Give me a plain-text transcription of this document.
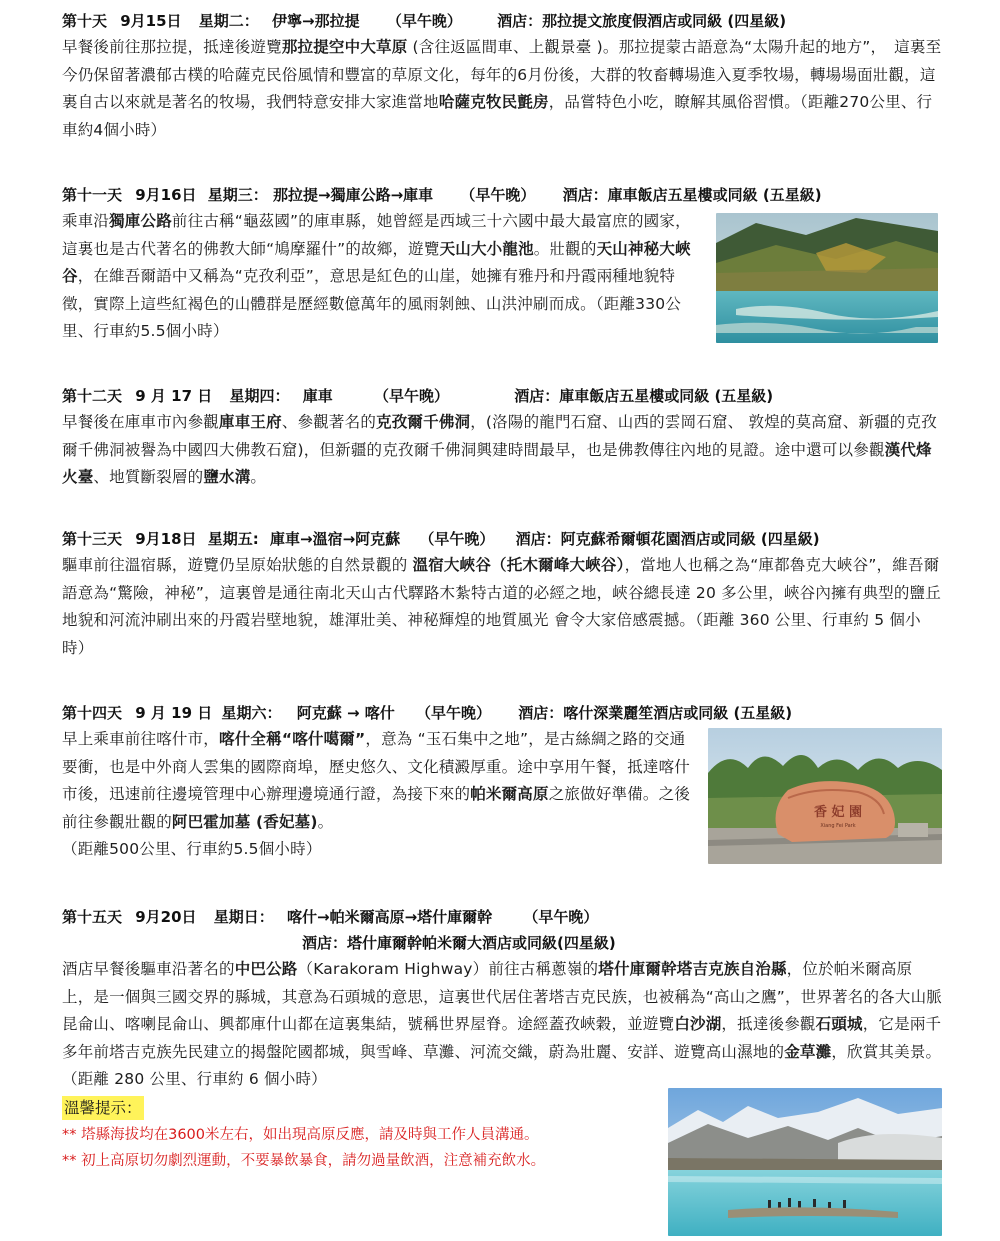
第十天 9月15日 星期二： 伊寧→那拉提 （早午晚） 酒店：那拉提文旅度假酒店或同級 (四星級)
早餐後前往那拉提，抵達後遊覽那拉提空中大草原 (含往返區間車、上觀景臺 )。那拉提蒙古語意為“太陽升起的地方”，　這裏至今仍保留著濃郁古樸的哈薩克民俗風情和豐富的草原文化，每年的6月份後，大群的牧畜轉場進入夏季牧場，轉場場面壯觀，這裏自古以來就是著名的牧場，我們特意安排大家進當地哈薩克牧民氈房，品嘗特色小吃，瞭解其風俗習慣。（距離270公里、行車約4個小時）
第十一天 9月16日 星期三： 那拉提→獨庫公路→庫車 （早午晚） 酒店：庫車飯店五星樓或同級 (五星級)
乘車沿獨庫公路前往古稱“龜茲國”的庫車縣，她曾經是西域三十六國中最大最富庶的國家，這裏也是古代著名的佛教大師“鳩摩羅什”的故鄉，遊覽天山大小龍池。壯觀的天山神秘大峽谷，在維吾爾語中又稱為“克孜利亞”，意思是紅色的山崖，她擁有雅丹和丹霞兩種地貌特徵，實際上這些紅褐色的山體群是歷經數億萬年的風雨剝蝕、山洪沖刷而成。（距離330公里、行車約5.5個小時）
第十二天 9 月 17 日 星期四： 庫車	（早午晚）	酒店：庫車飯店五星樓或同級 (五星級)
早餐後在庫車市內參觀庫車王府、參觀著名的克孜爾千佛洞，(洛陽的龍門石窟、山西的雲岡石窟、 敦煌的莫高窟、新疆的克孜爾千佛洞被譽為中國四大佛教石窟)，但新疆的克孜爾千佛洞興建時間最早，也是佛教傳往內地的見證。途中還可以參觀漢代烽火臺、地質斷裂層的鹽水溝。
第十三天 9月18日 星期五: 庫車→溫宿→阿克蘇 （早午晚） 酒店：阿克蘇希爾頓花園酒店或同級 (四星級)
驅車前往溫宿縣，遊覽仍呈原始狀態的自然景觀的 溫宿大峽谷（托木爾峰大峽谷），當地人也稱之為“庫都魯克大峽谷”，維吾爾語意為“驚險，神秘”，這裏曾是通往南北天山古代驛路木紮特古道的必經之地，峽谷總長達 20 多公里，峽谷內擁有典型的鹽丘地貌和河流沖刷出來的丹霞岩壁地貌，雄渾壯美、神秘輝煌的地質風光 會令大家倍感震撼。（距離 360 公里、行車約 5 個小時）
第十四天 9 月 19 日 星期六： 阿克蘇 → 喀什 （早午晚） 酒店：喀什深業麗笙酒店或同級 (五星級)
早上乘車前往喀什市，喀什全稱“喀什噶爾”，意為 “玉石集中之地”，是古絲綢之路的交通要衝，也是中外商人雲集的國際商埠，歷史悠久、文化積澱厚重。途中享用午餐，抵達喀什市後，迅速前往邊境管理中心辦理邊境通行證，為接下來的帕米爾高原之旅做好準備。之後前往參觀壯觀的阿巴霍加墓 (香妃墓)。
（距離500公里、行車約5.5個小時）
香 妃 園
Xiang Fei Park
第十五天 9月20日 星期日： 喀什→帕米爾高原→塔什庫爾幹 （早午晚）
酒店：塔什庫爾幹帕米爾大酒店或同級(四星級)
酒店早餐後驅車沿著名的中巴公路（Karakoram Highway）前往古稱蔥嶺的塔什庫爾幹塔吉克族自治縣，位於帕米爾高原上，是一個與三國交界的縣城，其意為石頭城的意思，這裏世代居住著塔吉克民族，也被稱為“高山之鷹”，世界著名的各大山脈昆侖山、喀喇昆侖山、興都庫什山都在這裏集結，號稱世界屋脊。途經蓋孜峽穀，並遊覽白沙湖，抵達後參觀石頭城，它是兩千多年前塔吉克族先民建立的揭盤陀國都城，與雪峰、草灘、河流交織，蔚為壯麗、安詳、遊覽高山濕地的金草灘，欣賞其美景。
（距離 280 公里、行車約 6 個小時）
溫馨提示：
** 塔縣海拔均在3600米左右，如出現高原反應，請及時與工作人員溝通。
** 初上高原切勿劇烈運動，不要暴飲暴食，請勿過量飲酒，注意補充飲水。
